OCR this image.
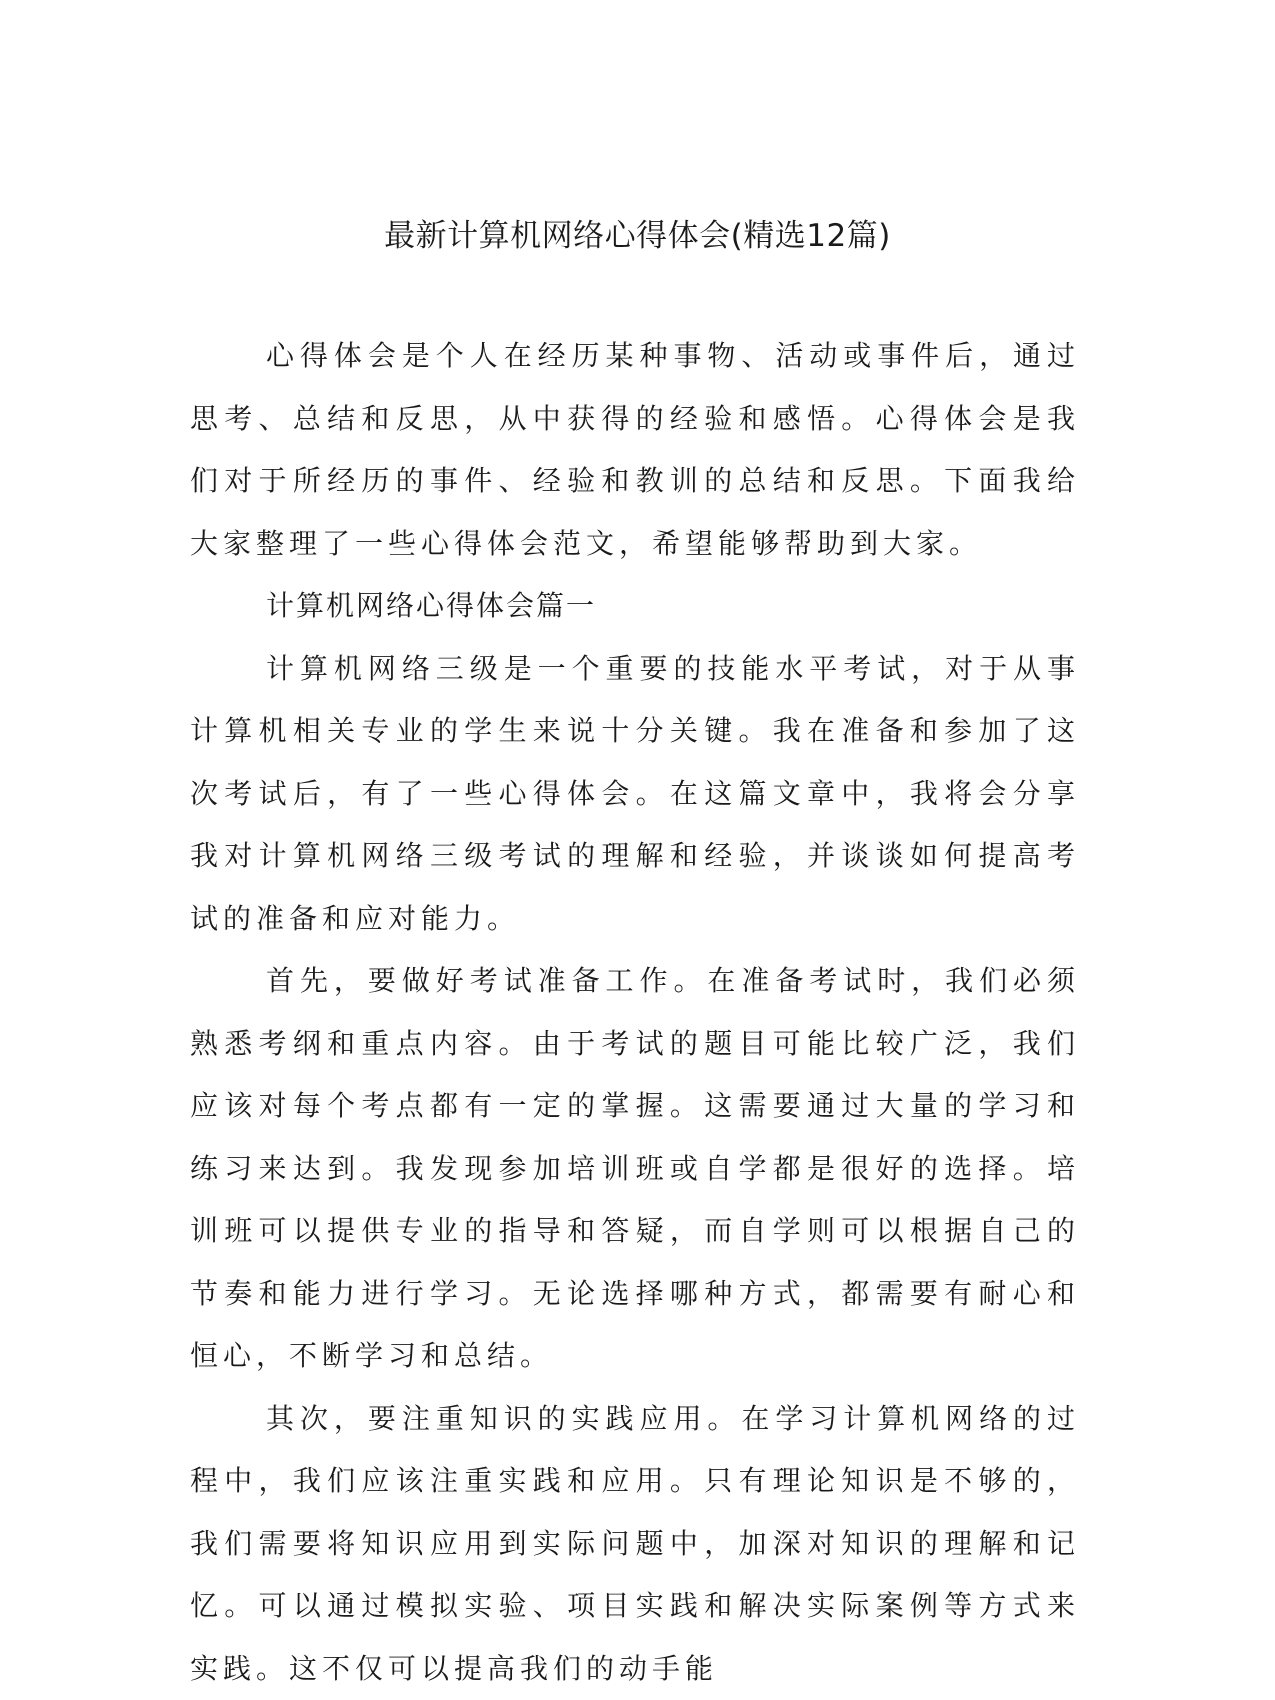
最新计算机网络心得体会(精选12篇)

心得体会是个人在经历某种事物、活动或事件后，通过思考、总结和反思，从中获得的经验和感悟。心得体会是我们对于所经历的事件、经验和教训的总结和反思。下面我给大家整理了一些心得体会范文，希望能够帮助到大家。

计算机网络心得体会篇一

计算机网络三级是一个重要的技能水平考试，对于从事计算机相关专业的学生来说十分关键。我在准备和参加了这次考试后，有了一些心得体会。在这篇文章中，我将会分享我对计算机网络三级考试的理解和经验，并谈谈如何提高考试的准备和应对能力。

首先，要做好考试准备工作。在准备考试时，我们必须熟悉考纲和重点内容。由于考试的题目可能比较广泛，我们应该对每个考点都有一定的掌握。这需要通过大量的学习和练习来达到。我发现参加培训班或自学都是很好的选择。培训班可以提供专业的指导和答疑，而自学则可以根据自己的节奏和能力进行学习。无论选择哪种方式，都需要有耐心和恒心，不断学习和总结。

其次，要注重知识的实践应用。在学习计算机网络的过程中，我们应该注重实践和应用。只有理论知识是不够的，我们需要将知识应用到实际问题中，加深对知识的理解和记忆。可以通过模拟实验、项目实践和解决实际案例等方式来实践。这不仅可以提高我们的动手能
